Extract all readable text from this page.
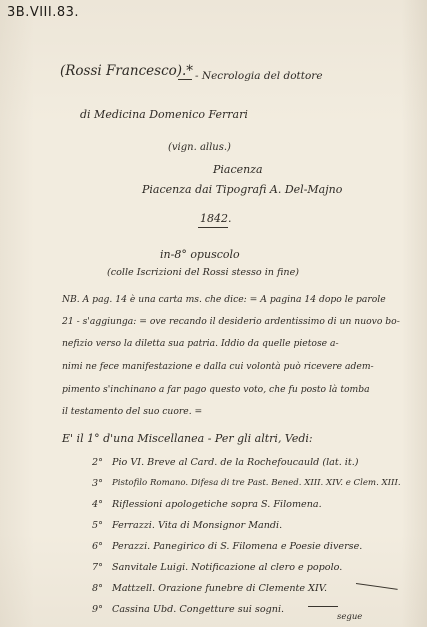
3B.VIII.83.
(Rossi Francesco).* - Necrologia del dottore
di Medicina Domenico Ferrari
(vign. allus.)
Piacenza
Piacenza dai Tipografi A. Del-Majno
1842.
in-8° opuscolo
(colle Iscrizioni del Rossi stesso in fine)
NB. A pag. 14 è una carta ms. che dice: = A pagina 14 dopo le parole
21 - s'aggiunga: = ove recando il desiderio ardentissimo di un nuovo bo-
nefizio verso la diletta sua patria. Iddio da quelle pietose a-
nimi ne fece manifestazione e dalla cui volontà può ricevere adem-
pimento s'inchinano a far pago questo voto, che fu posto là tomba
il testamento del suo cuore. =
E' il 1° d'una Miscellanea - Per gli altri, Vedi:
2° Pio VI. Breve al Card. de la Rochefoucauld (lat. it.)
3° Pistofilo Romano. Difesa di tre Past. Bened. XIII. XIV. e Clem. XIII.
4° Riflessioni apologetiche sopra S. Filomena.
5° Ferrazzi. Vita di Monsignor Mandi.
6° Perazzi. Panegirico di S. Filomena e Poesie diverse.
7° Sanvitale Luigi. Notificazione al clero e popolo.
8° Mattzell. Orazione funebre di Clemente XIV.
9° Cassina Ubd. Congetture sui sogni.
segue
